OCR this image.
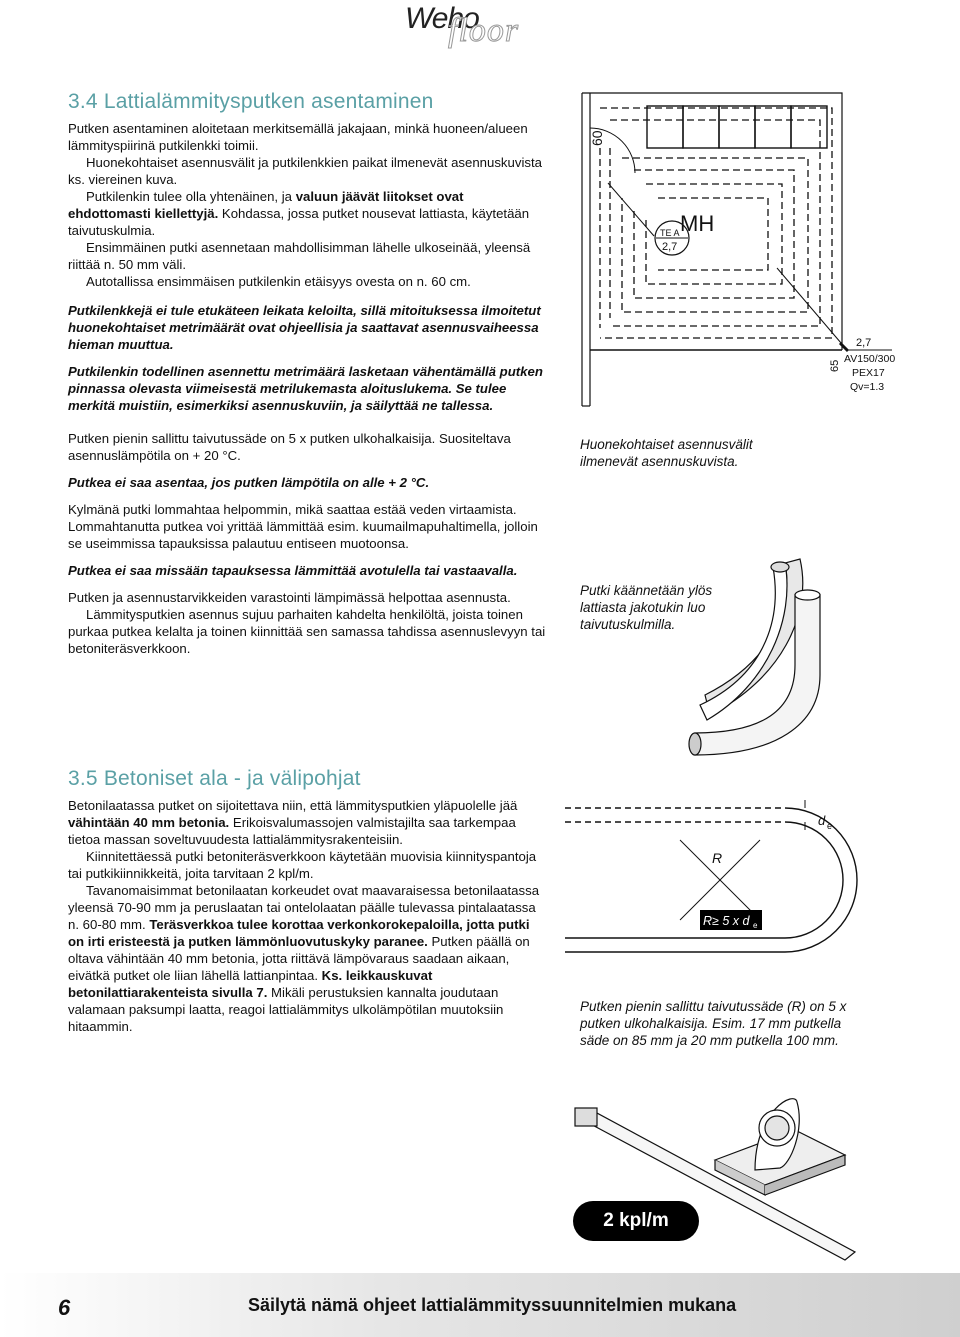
Weho
floor
3.4 Lattialämmitysputken asentaminen

Putken asentaminen aloitetaan merkitsemällä jakajaan, minkä huoneen/alueen lämmityspiirinä putkilenkki toimii.

Huonekohtaiset asennusvälit ja putkilenkkien paikat ilmenevät asennuskuvista ks. viereinen kuva.

Putkilenkin tulee olla yhtenäinen, ja valuun jäävät liitokset ovat ehdottomasti kiellettyjä. Kohdassa, jossa putket nousevat lattiasta, käytetään taivutuskulmia.

Ensimmäinen putki asennetaan mahdollisimman lähelle ulkoseinää, yleensä riittää n. 50 mm väli.

Autotallissa ensimmäisen putkilenkin etäisyys ovesta on n. 60 cm.

Putkilenkkejä ei tule etukäteen leikata keloilta, sillä mitoituksessa ilmoitetut huonekohtaiset metrimäärät ovat ohjeellisia ja saattavat asennusvaiheessa hieman muuttua.

Putkilenkin todellinen asennettu metrimäärä lasketaan vähentämällä putken pinnassa olevasta viimeisestä metrilukemasta aloituslukema. Se tulee merkitä muistiin, esimerkiksi asennuskuviin, ja säilyttää ne tallessa.

Putken pienin sallittu taivutussäde on 5 x putken ulkohalkaisija. Suositeltava asennuslämpötila on + 20 °C.

Putkea ei saa asentaa, jos putken lämpötila on alle + 2 °C.

Kylmänä putki lommahtaa helpommin, mikä saattaa estää veden virtaamista. Lommahtanutta putkea voi yrittää lämmittää esim. kuumailmapuhaltimella, jolloin se useimmissa tapauksissa palautuu entiseen muotoonsa.

Putkea ei saa missään tapauksessa lämmittää avotulella tai vastaavalla.

Putken ja asennustarvikkeiden varastointi lämpimässä helpottaa asennusta.

Lämmitysputkien asennus sujuu parhaiten kahdelta henkilöltä, joista toinen purkaa putkea kelalta ja toinen kiinnittää sen samassa tahdissa asennuslevyyn tai betoniteräsverkkoon.

3.5 Betoniset ala - ja välipohjat

Betonilaatassa putket on sijoitettava niin, että lämmitysputkien yläpuolelle jää vähintään 40 mm betonia. Erikoisvalumassojen valmistajilta saa tarkempaa tietoa massan soveltuvuudesta lattialämmitysrakenteisiin.

Kiinnitettäessä putki betoniteräsverkkoon käytetään muovisia kiinnityspantoja tai putkikiinnikkeitä, joita tarvitaan 2 kpl/m.

Tavanomaisimmat betonilaatan korkeudet ovat maavaraisessa betonilaatassa yleensä 70-90 mm ja peruslaatan tai ontelolaatan päälle tulevassa pintalaatassa n. 60-80 mm. Teräsverkkoa tulee korottaa verkonkorokepaloilla, jotta putki on irti eristeestä ja putken lämmönluovutuskyky paranee. Putken päällä on oltava vähintään 40 mm betonia, jotta riittävä lämpövaraus saadaan aikaan, eivätkä putket ole liian lähellä lattianpintaa. Ks. leikkauskuvat betonilattiarakenteista sivulla 7. Mikäli perustuksien kannalta joudutaan valamaan paksumpi laatta, reagoi lattialämmitys ulkolämpötilan muutoksiin hitaammin.

60
MH
TE A
2,7
65
2,7
AV150/300
PEX17
Qv=1.3

Huonekohtaiset asennusvälit ilmenevät asennuskuvista.

Putki käännetään ylös lattiasta jakotukin luo taivutuskulmilla.

Putken pienin sallittu taivutussäde (R) on 5 x putken ulkohalkaisija. Esim. 17 mm putkella säde on 85 mm ja 20 mm putkella 100 mm.

R
d e
R≥ 5 x d e
2 kpl/m
6	Säilytä nämä ohjeet lattialämmityssuunnitelmien mukana
